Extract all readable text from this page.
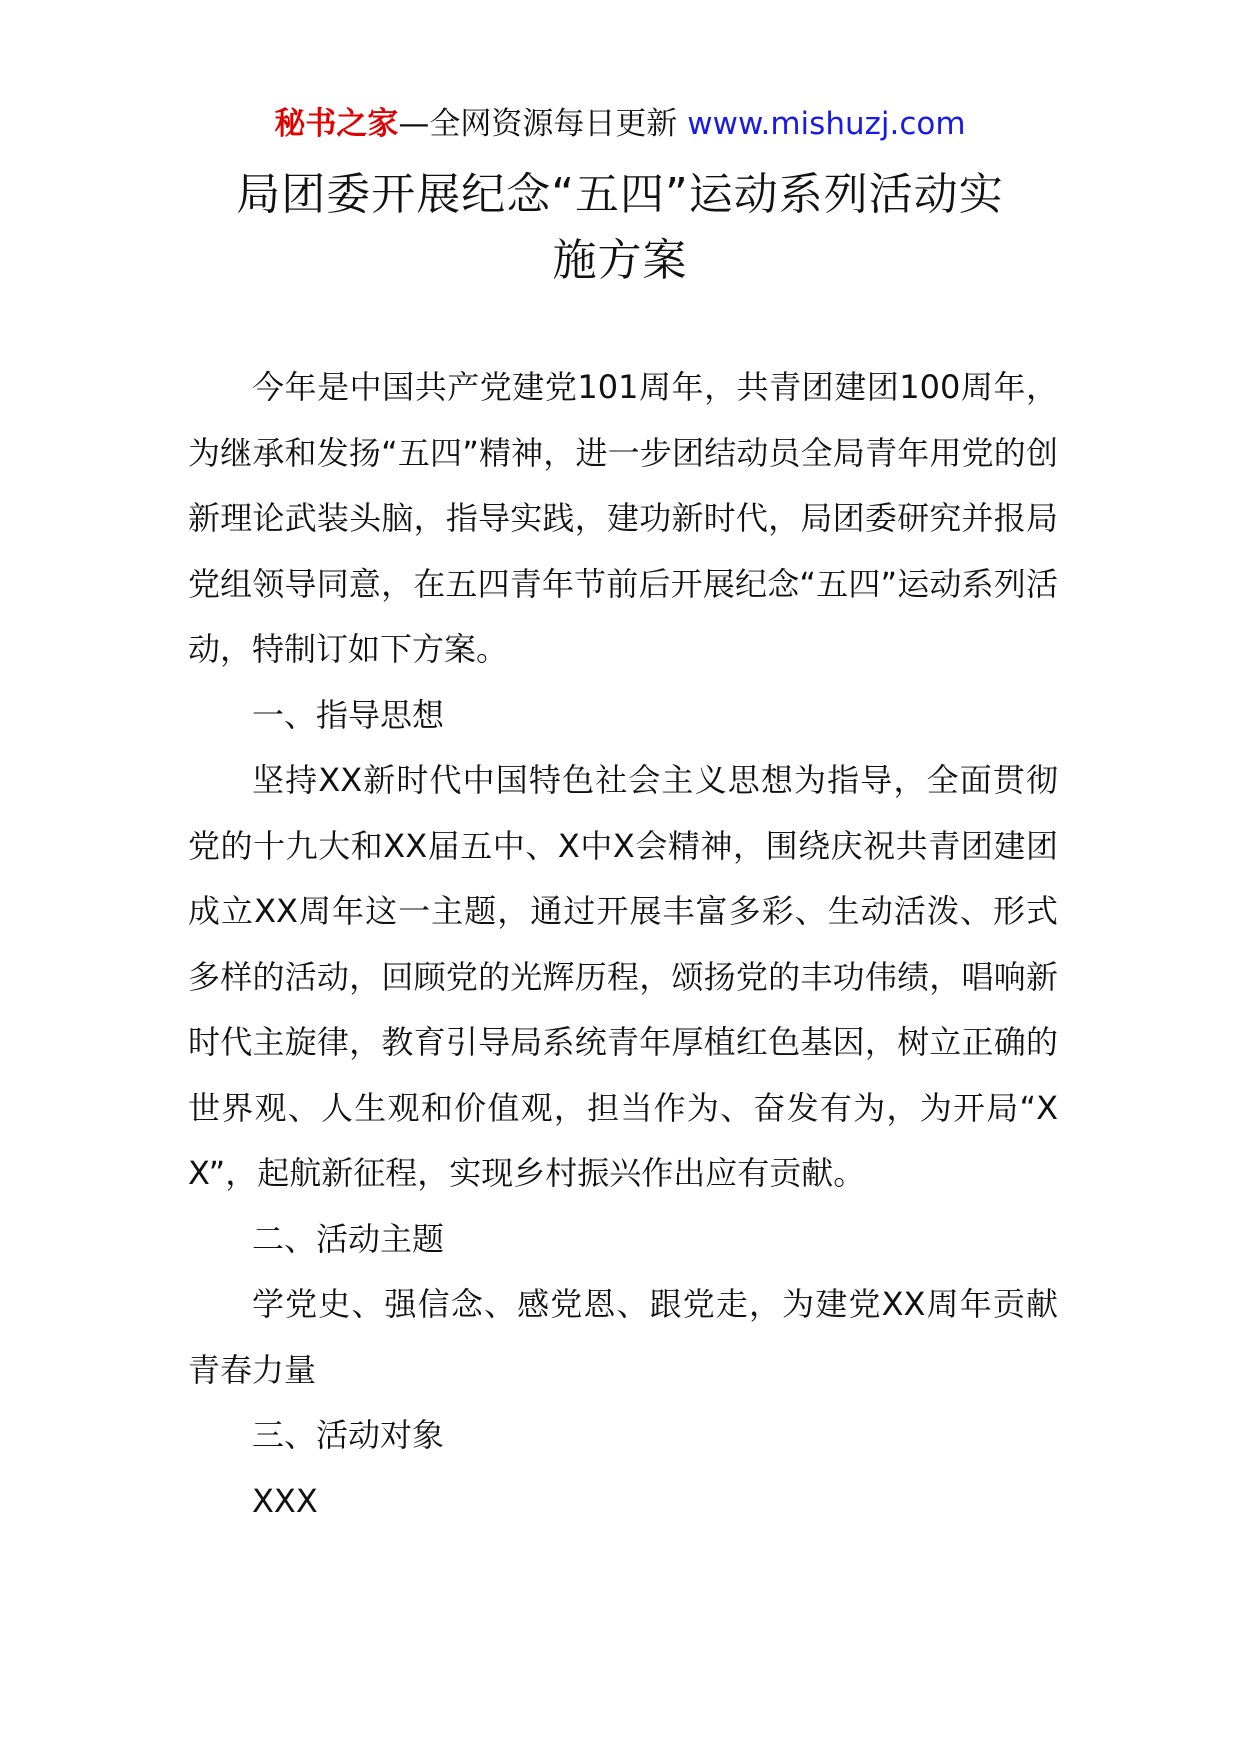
秘书之家—全网资源每日更新 www.mishuzj.com
局团委开展纪念“五四”运动系列活动实
施方案

今年是中国共产党建党101周年，共青团建团100周年，为继承和发扬“五四”精神，进一步团结动员全局青年用党的创新理论武装头脑，指导实践，建功新时代，局团委研究并报局党组领导同意，在五四青年节前后开展纪念“五四”运动系列活动，特制订如下方案。

一、指导思想

坚持XX新时代中国特色社会主义思想为指导，全面贯彻党的十九大和XX届五中、X中X会精神，围绕庆祝共青团建团成立XX周年这一主题，通过开展丰富多彩、生动活泼、形式多样的活动，回顾党的光辉历程，颂扬党的丰功伟绩，唱响新时代主旋律，教育引导局系统青年厚植红色基因，树立正确的世界观、人生观和价值观，担当作为、奋发有为，为开局“XX”，起航新征程，实现乡村振兴作出应有贡献。

二、活动主题

学党史、强信念、感党恩、跟党走，为建党XX周年贡献青春力量

三、活动对象

XXX
